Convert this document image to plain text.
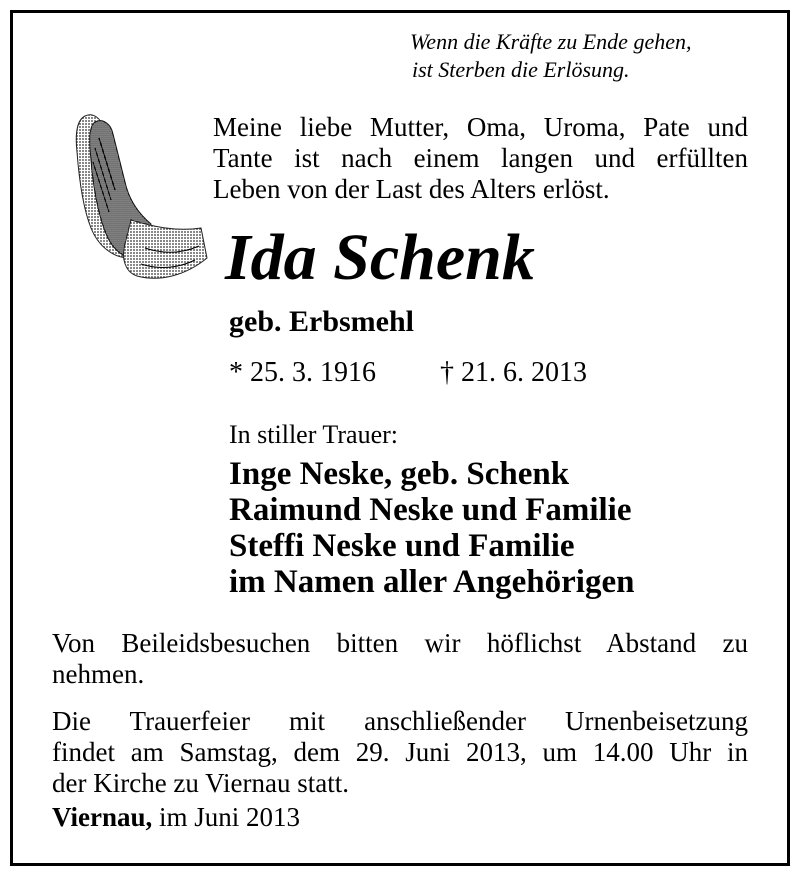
Wenn die Kräfte zu Ende gehen,
ist Sterben die Erlösung.
Meine liebe Mutter, Oma, Uroma, Pate und
Tante ist nach einem langen und erfüllten
Leben von der Last des Alters erlöst.
Ida Schenk
geb. Erbsmehl
* 25. 3. 1916 † 21. 6. 2013
In stiller Trauer:
Inge Neske, geb. Schenk
Raimund Neske und Familie
Steffi Neske und Familie
im Namen aller Angehörigen
Von Beileidsbesuchen bitten wir höflichst Abstand zu
nehmen.
Die Trauerfeier mit anschließender Urnenbeisetzung
findet am Samstag, dem 29. Juni 2013, um 14.00 Uhr in
der Kirche zu Viernau statt.
Viernau, im Juni 2013
